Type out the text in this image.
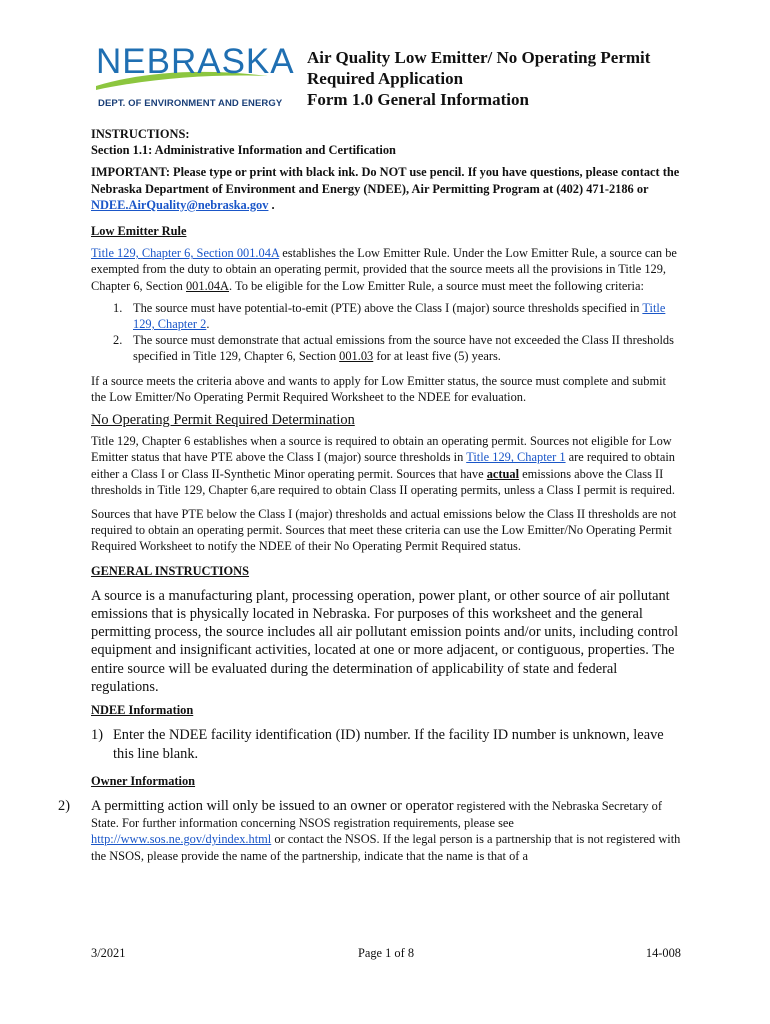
NEBRASKA
DEPT. OF ENVIRONMENT AND ENERGY
Air Quality Low Emitter/ No Operating Permit
Required Application
Form 1.0 General Information

INSTRUCTIONS:

Section 1.1: Administrative Information and Certification

IMPORTANT: Please type or print with black ink. Do NOT use pencil. If you have questions, please contact the Nebraska Department of Environment and Energy (NDEE), Air Permitting Program at (402) 471-2186 or NDEE.AirQuality@nebraska.gov .

Low Emitter Rule

Title 129, Chapter 6, Section 001.04A establishes the Low Emitter Rule. Under the Low Emitter Rule, a source can be exempted from the duty to obtain an operating permit, provided that the source meets all the provisions in Title 129, Chapter 6, Section 001.04A. To be eligible for the Low Emitter Rule, a source must meet the following criteria:

1. The source must have potential-to-emit (PTE) above the Class I (major) source thresholds specified in Title 129, Chapter 2.
2. The source must demonstrate that actual emissions from the source have not exceeded the Class II thresholds specified in Title 129, Chapter 6, Section 001.03 for at least five (5) years.

If a source meets the criteria above and wants to apply for Low Emitter status, the source must complete and submit the Low Emitter/No Operating Permit Required Worksheet to the NDEE for evaluation.

No Operating Permit Required Determination

Title 129, Chapter 6 establishes when a source is required to obtain an operating permit. Sources not eligible for Low Emitter status that have PTE above the Class I (major) source thresholds in Title 129, Chapter 1 are required to obtain either a Class I or Class II-Synthetic Minor operating permit. Sources that have actual emissions above the Class II thresholds in Title 129, Chapter 6,are required to obtain Class II operating permits, unless a Class I permit is required.

Sources that have PTE below the Class I (major) thresholds and actual emissions below the Class II thresholds are not required to obtain an operating permit. Sources that meet these criteria can use the Low Emitter/No Operating Permit Required Worksheet to notify the NDEE of their No Operating Permit Required status.

GENERAL INSTRUCTIONS

A source is a manufacturing plant, processing operation, power plant, or other source of air pollutant emissions that is physically located in Nebraska. For purposes of this worksheet and the general permitting process, the source includes all air pollutant emission points and/or units, including control equipment and insignificant activities, located at one or more adjacent, or contiguous, properties. The entire source will be evaluated during the determination of applicability of state and federal regulations.

NDEE Information

1) Enter the NDEE facility identification (ID) number. If the facility ID number is unknown, leave this line blank.

Owner Information

2) A permitting action will only be issued to an owner or operator registered with the Nebraska Secretary of State. For further information concerning NSOS registration requirements, please see http://www.sos.ne.gov/dyindex.html or contact the NSOS. If the legal person is a partnership that is not registered with the NSOS, please provide the name of the partnership, indicate that the name is that of a
3/2021	Page 1 of 8	14-008
